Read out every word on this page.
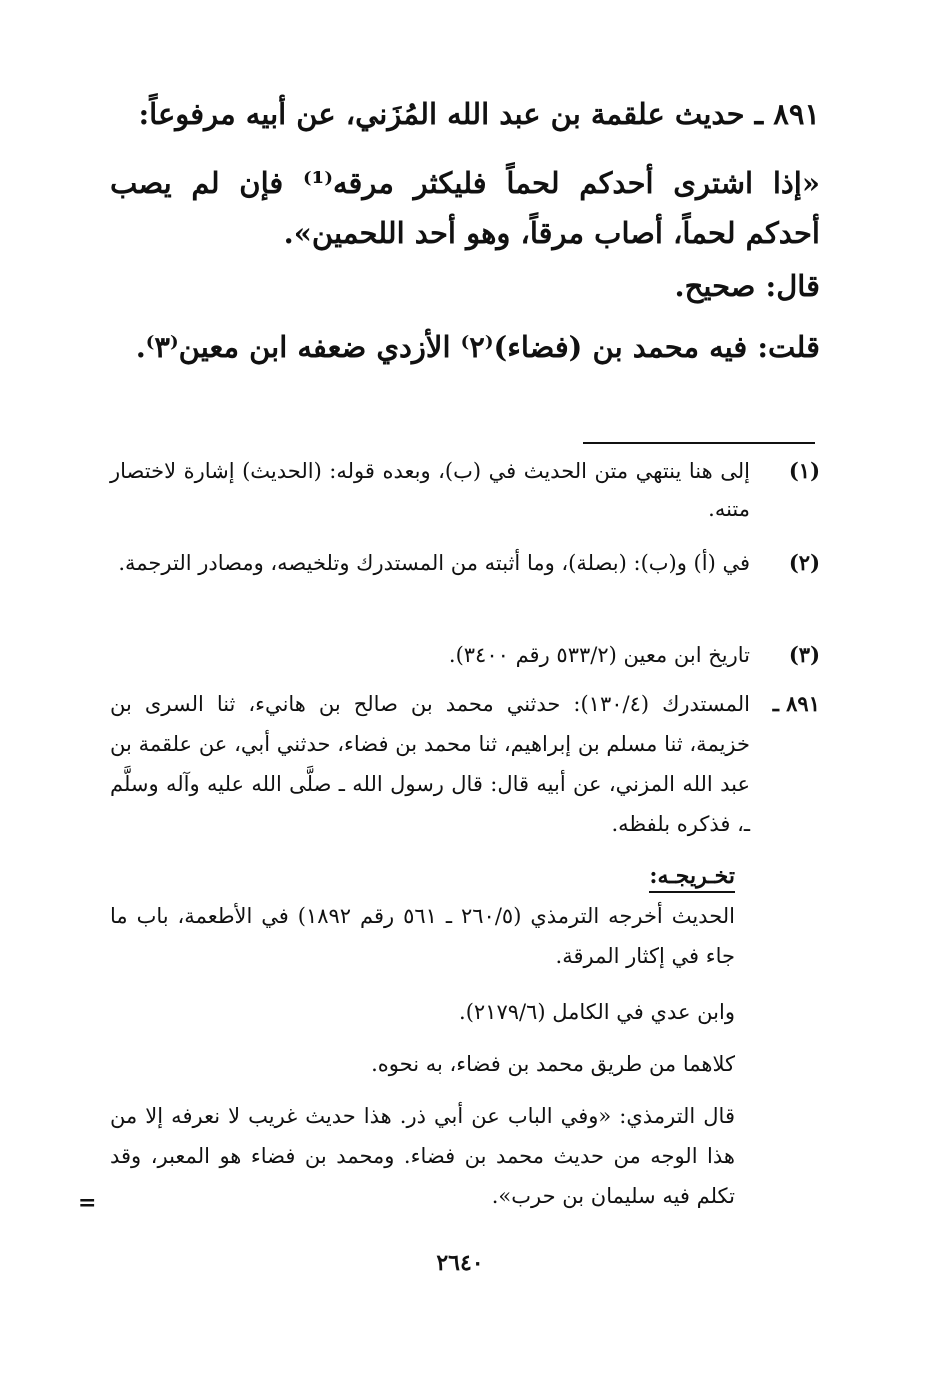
٨٩١ ـ حديث علقمة بن عبد الله المُزَني، عن أبيه مرفوعاً:
«إذا اشترى أحدكم لحماً فليكثر مرقه⁽¹⁾ فإن لم يصب أحدكم لحماً، أصاب مرقاً، وهو أحد اللحمين».
قال: صحيح.
قلت: فيه محمد بن (فضاء)⁽٢⁾ الأزدي ضعفه ابن معين⁽٣⁾.
(١)
إلى هنا ينتهي متن الحديث في (ب)، وبعده قوله: (الحديث) إشارة لاختصار متنه.
(٢)
في (أ) و(ب): (بصلة)، وما أثبته من المستدرك وتلخيصه، ومصادر الترجمة.
(٣)
تاريخ ابن معين (٥٣٣/٢ رقم ٣٤٠٠).
٨٩١ ـ
المستدرك (١٣٠/٤): حدثني محمد بن صالح بن هانيء، ثنا السرى بن خزيمة، ثنا مسلم بن إبراهيم، ثنا محمد بن فضاء، حدثني أبي، عن علقمة بن عبد الله المزني، عن أبيه قال: قال رسول الله ـ صلَّى الله عليه وآله وسلَّم ـ، فذكره بلفظه.
تخـريجـه:
الحديث أخرجه الترمذي (٢٦٠/٥ ـ ٥٦١ رقم ١٨٩٢) في الأطعمة، باب ما جاء في إكثار المرقة.
وابن عدي في الكامل (٢١٧٩/٦).
كلاهما من طريق محمد بن فضاء، به نحوه.
قال الترمذي: «وفي الباب عن أبي ذر. هذا حديث غريب لا نعرفه إلا من هذا الوجه من حديث محمد بن فضاء. ومحمد بن فضاء هو المعبر، وقد تكلم فيه سليمان بن حرب».
=
٢٦٤٠
